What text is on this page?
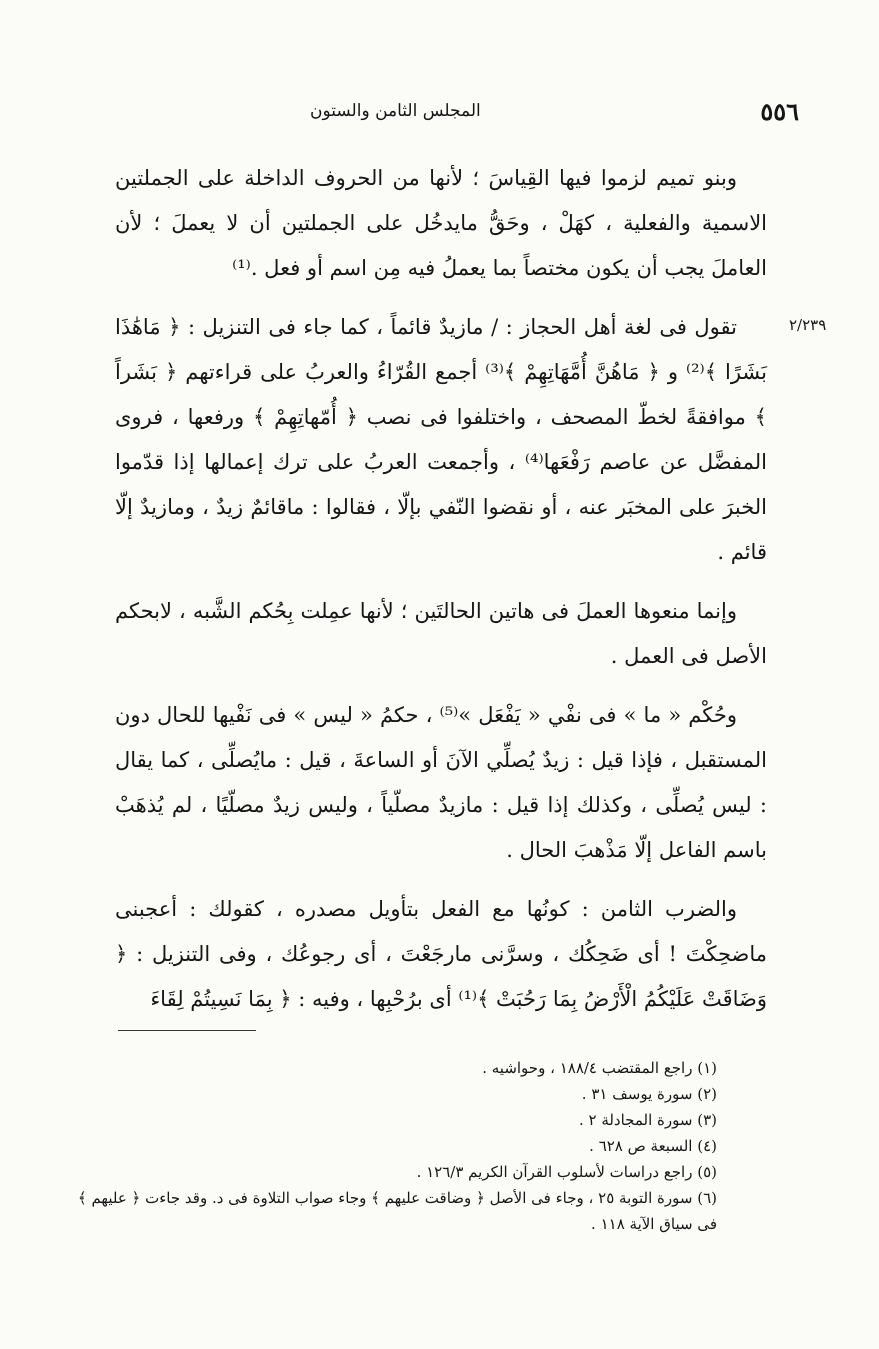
٥٥٦
المجلس الثامن والستون
٢/٢٣٩

وبنو تميم لزموا فيها القِياسَ ؛ لأنها من الحروف الداخلة على الجملتين الاسمية والفعلية ، كهَلْ ، وحَقُّ مايدخُل على الجملتين أن لا يعملَ ؛ لأن العاملَ يجب أن يكون مختصاً بما يعملُ فيه مِن اسم أو فعل .⁽¹⁾

تقول فى لغة أهل الحجاز : / مازيدٌ قائماً ، كما جاء فى التنزيل : ﴿ مَاهَٰذَا بَشَرًا ﴾⁽²⁾ و ﴿ مَاهُنَّ أُمَّهَاتِهِمْ ﴾⁽³⁾ أجمع القُرّاءُ والعربُ على قراءتهم ﴿ بَشَراً ﴾ موافقةً لخطّ المصحف ، واختلفوا فى نصب ﴿ أُمّهاتِهِمْ ﴾ ورفعها ، فروى المفضَّل عن عاصم رَفْعَها⁽⁴⁾ ، وأجمعت العربُ على ترك إعمالها إذا قدّموا الخبرَ على المخبَر عنه ، أو نقضوا النّفي بإلّا ، فقالوا : ماقائمٌ زيدٌ ، ومازيدٌ إلّا قائم .

وإنما منعوها العملَ فى هاتين الحالتَين ؛ لأنها عمِلت بِحُكم الشَّبه ، لابحكم الأصل فى العمل .

وحُكْم « ما » فى نفْي « يَفْعَل »⁽⁵⁾ ، حكمُ « ليس » فى نَفْيها للحال دون المستقبل ، فإذا قيل : زيدٌ يُصلِّي الآنَ أو الساعةَ ، قيل : مايُصلِّى ، كما يقال : ليس يُصلِّى ، وكذلك إذا قيل : مازيدٌ مصلّياً ، وليس زيدٌ مصلّيًا ، لم يُذهَبْ باسم الفاعل إلّا مَذْهبَ الحال .

والضرب الثامن : كونُها مع الفعل بتأويل مصدره ، كقولك : أعجبنى ماضحِكْتَ ! أى ضَحِكُك ، وسرَّنى مارجَعْتَ ، أى رجوعُك ، وفى التنزيل : ﴿ وَضَاقَتْ عَلَيْكُمُ الْأَرْضُ بِمَا رَحُبَتْ ﴾⁽¹⁾ أى برُحْبِها ، وفيه : ﴿ بِمَا نَسِيتُمْ لِقَاءَ

(١) راجع المقتضب ١٨٨/٤ ، وحواشيه .
(٢) سورة يوسف ٣١ .
(٣) سورة المجادلة ٢ .
(٤) السبعة ص ٦٢٨ .
(٥) راجع دراسات لأسلوب القرآن الكريم ١٢٦/٣ .
(٦) سورة التوبة ٢٥ ، وجاء فى الأصل ﴿ وضاقت عليهم ﴾ وجاء صواب التلاوة فى د. وقد جاءت ﴿ عليهم ﴾ فى سياق الآية ١١٨ .
